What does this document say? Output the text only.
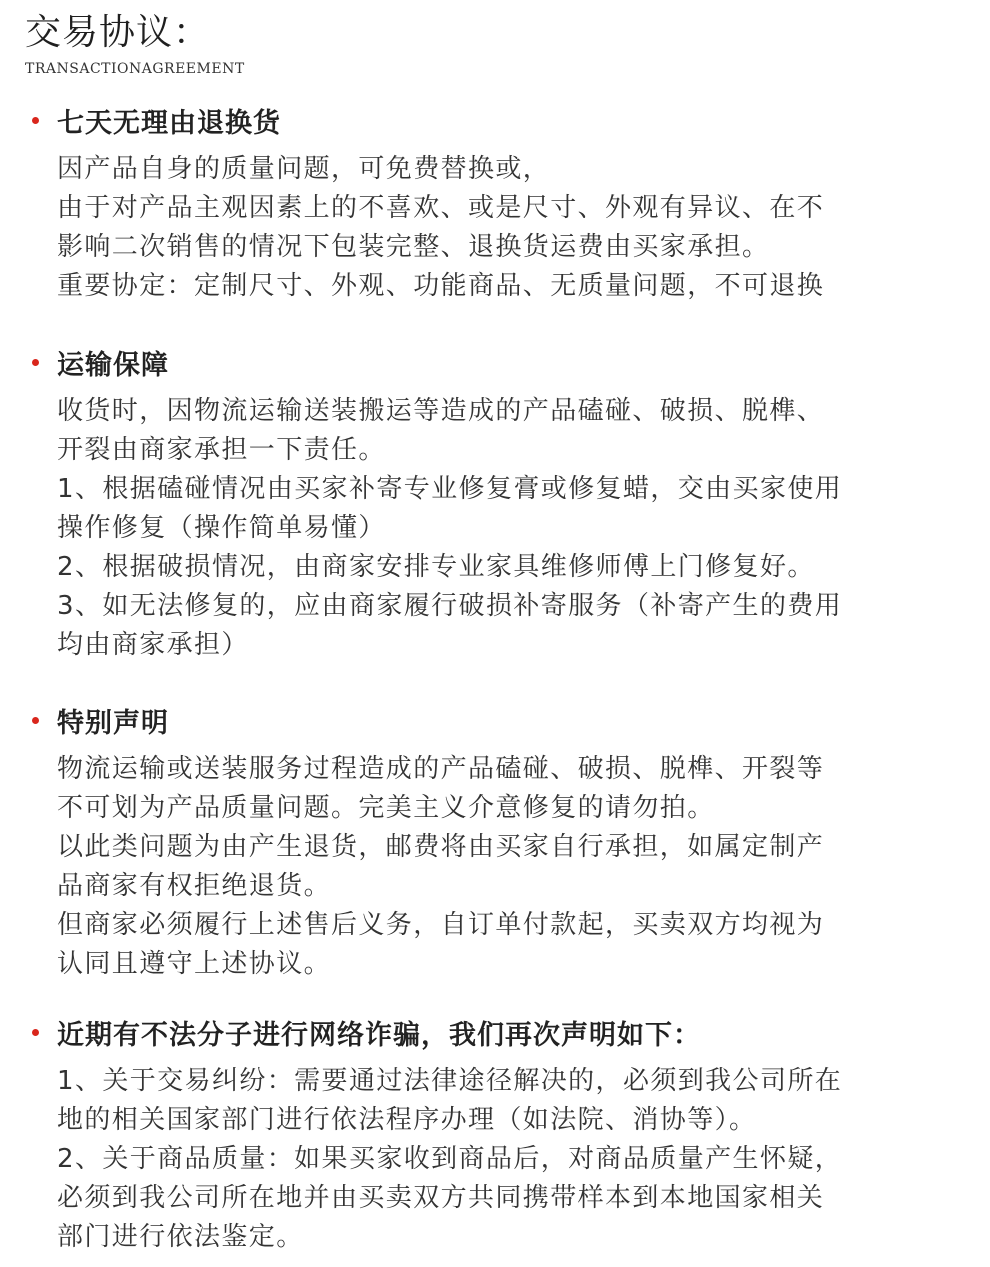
交易协议：
TRANSACTIONAGREEMENT
七天无理由退换货
因产品自身的质量问题，可免费替换或，
由于对产品主观因素上的不喜欢、或是尺寸、外观有异议、在不
影响二次销售的情况下包装完整、退换货运费由买家承担。
重要协定：定制尺寸、外观、功能商品、无质量问题，不可退换
运输保障
收货时，因物流运输送装搬运等造成的产品磕碰、破损、脱榫、
开裂由商家承担一下责任。
1、根据磕碰情况由买家补寄专业修复膏或修复蜡，交由买家使用
操作修复（操作简单易懂）
2、根据破损情况，由商家安排专业家具维修师傅上门修复好。
3、如无法修复的，应由商家履行破损补寄服务（补寄产生的费用
均由商家承担）
特别声明
物流运输或送装服务过程造成的产品磕碰、破损、脱榫、开裂等
不可划为产品质量问题。完美主义介意修复的请勿拍。
以此类问题为由产生退货，邮费将由买家自行承担，如属定制产
品商家有权拒绝退货。
但商家必须履行上述售后义务，自订单付款起，买卖双方均视为
认同且遵守上述协议。
近期有不法分子进行网络诈骗，我们再次声明如下：
1、关于交易纠纷：需要通过法律途径解决的，必须到我公司所在
地的相关国家部门进行依法程序办理（如法院、消协等）。
2、关于商品质量：如果买家收到商品后，对商品质量产生怀疑，
必须到我公司所在地并由买卖双方共同携带样本到本地国家相关
部门进行依法鉴定。
